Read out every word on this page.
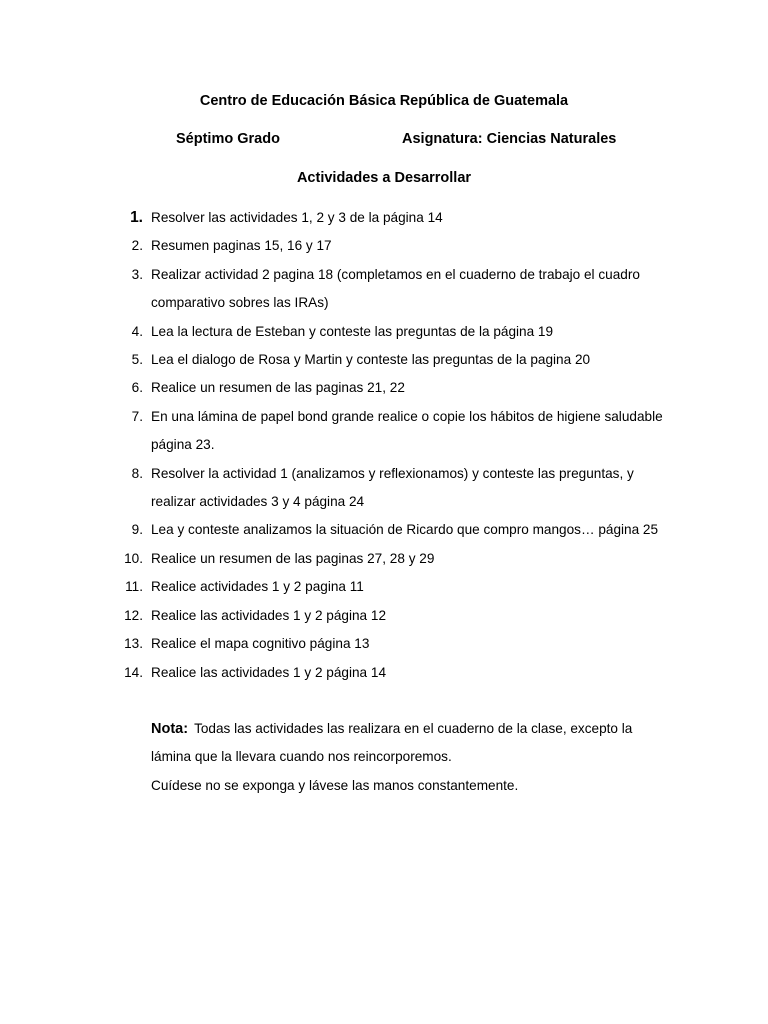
Centro de Educación Básica República de Guatemala
Séptimo Grado	Asignatura: Ciencias Naturales
Actividades a Desarrollar
1. Resolver las actividades 1, 2 y 3 de la página 14
2. Resumen paginas 15, 16 y 17
3. Realizar actividad 2 pagina 18 (completamos en el cuaderno de trabajo el cuadro comparativo sobres las IRAs)
4. Lea la lectura de Esteban y conteste las preguntas de la página 19
5. Lea el dialogo de Rosa y Martin y conteste las preguntas de la pagina 20
6. Realice un resumen de las paginas 21, 22
7. En una lámina de papel bond grande realice o copie los hábitos de higiene saludable página 23.
8. Resolver la actividad 1 (analizamos y reflexionamos) y conteste las preguntas, y realizar actividades 3 y 4 página 24
9. Lea y conteste analizamos la situación de Ricardo que compro mangos… página 25
10. Realice un resumen de las paginas 27, 28 y 29
11. Realice actividades 1 y 2 pagina 11
12. Realice las actividades 1 y 2 página 12
13. Realice el mapa cognitivo página 13
14. Realice las actividades 1 y 2 página 14
Nota: Todas las actividades las realizara en el cuaderno de la clase, excepto la lámina que la llevara cuando nos reincorporemos.
Cuídese no se exponga y lávese las manos constantemente.
